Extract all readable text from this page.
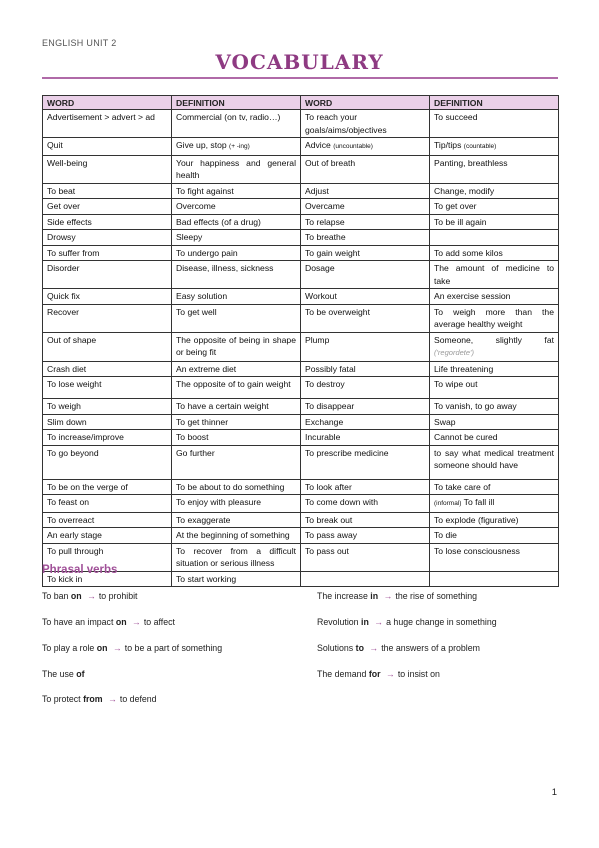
ENGLISH UNIT 2
VOCABULARY
WORD	DEFINITION	WORD	DEFINITION
Advertisement > advert > ad	Commercial (on tv, radio…)	To reach your goals/aims/objectives	To succeed
Quit	Give up, stop (+ -ing)	Advice (uncountable)	Tip/tips (countable)
Well-being	Your happiness and general health	Out of breath	Panting, breathless
To beat	To fight against	Adjust	Change, modify
Get over	Overcome	Overcame	To get over
Side effects	Bad effects (of a drug)	To relapse	To be ill again
Drowsy	Sleepy	To breathe	
To suffer from	To undergo pain	To gain weight	To add some kilos
Disorder	Disease, illness, sickness	Dosage	The amount of medicine to take
Quick fix	Easy solution	Workout	An exercise session
Recover	To get well	To be overweight	To weigh more than the average healthy weight
Out of shape	The opposite of being in shape or being fit	Plump	Someone, slightly fat ('regordete')
Crash diet	An extreme diet	Possibly fatal	Life threatening
To lose weight	The opposite of to gain weight	To destroy	To wipe out
To weigh	To have a certain weight	To disappear	To vanish, to go away
Slim down	To get thinner	Exchange	Swap
To increase/improve	To boost	Incurable	Cannot be cured
To go beyond	Go further	To prescribe medicine	to say what medical treatment someone should have
To be on the verge of	To be about to do something	To look after	To take care of
To feast on	To enjoy with pleasure	To come down with	(informal) To fall ill
To overreact	To exaggerate	To break out	To explode (figurative)
An early stage	At the beginning of something	To pass away	To die
To pull through	To recover from a difficult situation or serious illness	To pass out	To lose consciousness
To kick in	To start working		
Phrasal verbs
To ban on → to prohibit
To have an impact on → to affect
To play a role on → to be a part of something
The use of
To protect from → to defend
The increase in → the rise of something
Revolution in → a huge change in something
Solutions to → the answers of a problem
The demand for → to insist on
1
